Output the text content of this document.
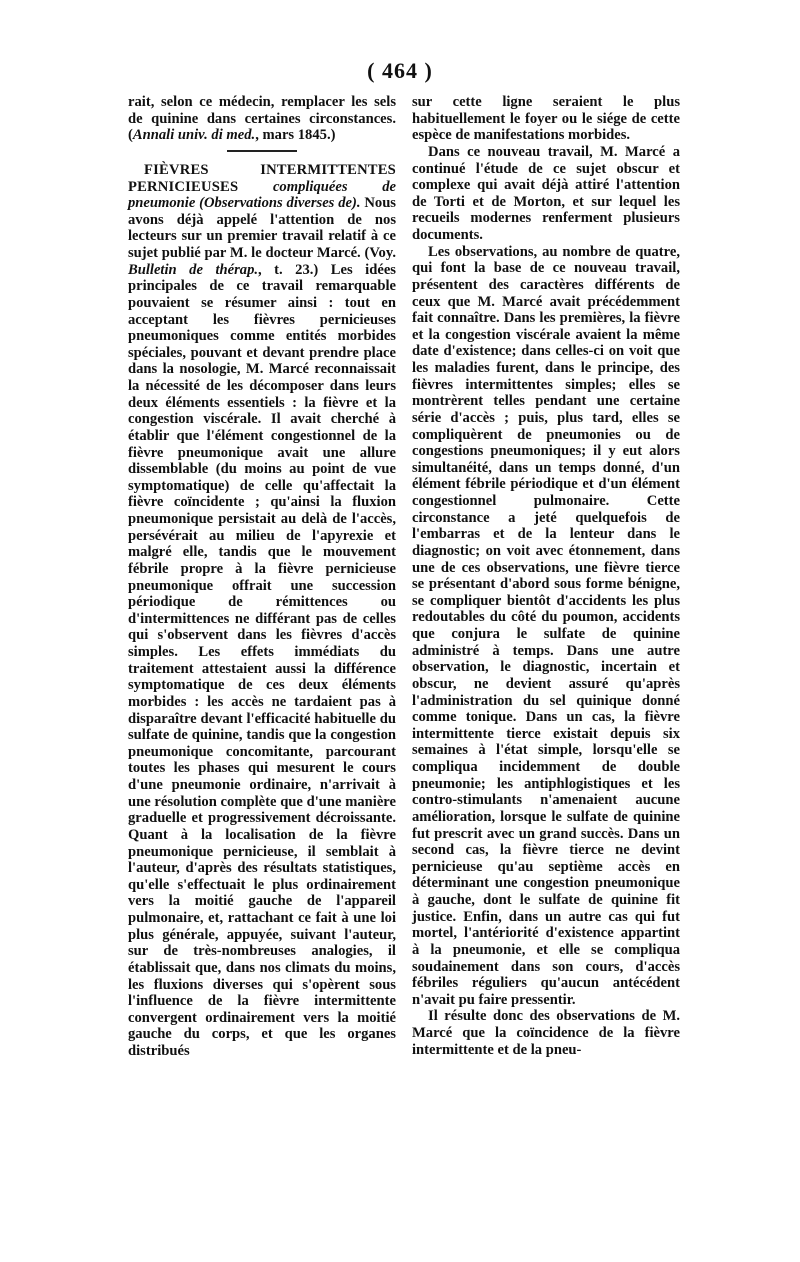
( 464 )

rait, selon ce médecin, remplacer les sels de quinine dans certaines circonstances. (Annali univ. di med., mars 1845.)

FIÈVRES INTERMITTENTES PERNICIEUSES compliquées de pneumonie (Observations diverses de). Nous avons déjà appelé l'attention de nos lecteurs sur un premier travail relatif à ce sujet publié par M. le docteur Marcé. (Voy. Bulletin de thérap., t. 23.) Les idées principales de ce travail remarquable pouvaient se résumer ainsi : tout en acceptant les fièvres pernicieuses pneumoniques comme entités morbides spéciales, pouvant et devant prendre place dans la nosologie, M. Marcé reconnaissait la nécessité de les décomposer dans leurs deux éléments essentiels : la fièvre et la congestion viscérale. Il avait cherché à établir que l'élément congestionnel de la fièvre pneumonique avait une allure dissemblable (du moins au point de vue symptomatique) de celle qu'affectait la fièvre coïncidente ; qu'ainsi la fluxion pneumonique persistait au delà de l'accès, persévérait au milieu de l'apyrexie et malgré elle, tandis que le mouvement fébrile propre à la fièvre pernicieuse pneumonique offrait une succession périodique de rémittences ou d'intermittences ne différant pas de celles qui s'observent dans les fièvres d'accès simples. Les effets immédiats du traitement attestaient aussi la différence symptomatique de ces deux éléments morbides : les accès ne tardaient pas à disparaître devant l'efficacité habituelle du sulfate de quinine, tandis que la congestion pneumonique concomitante, parcourant toutes les phases qui mesurent le cours d'une pneumonie ordinaire, n'arrivait à une résolution complète que d'une manière graduelle et progressivement décroissante. Quant à la localisation de la fièvre pneumonique pernicieuse, il semblait à l'auteur, d'après des résultats statistiques, qu'elle s'effectuait le plus ordinairement vers la moitié gauche de l'appareil pulmonaire, et, rattachant ce fait à une loi plus générale, appuyée, suivant l'auteur, sur de très-nombreuses analogies, il établissait que, dans nos climats du moins, les fluxions diverses qui s'opèrent sous l'influence de la fièvre intermittente convergent ordinairement vers la moitié gauche du corps, et que les organes distribués

sur cette ligne seraient le plus habituellement le foyer ou le siége de cette espèce de manifestations morbides.

Dans ce nouveau travail, M. Marcé a continué l'étude de ce sujet obscur et complexe qui avait déjà attiré l'attention de Torti et de Morton, et sur lequel les recueils modernes renferment plusieurs documents.

Les observations, au nombre de quatre, qui font la base de ce nouveau travail, présentent des caractères différents de ceux que M. Marcé avait précédemment fait connaître. Dans les premières, la fièvre et la congestion viscérale avaient la même date d'existence; dans celles-ci on voit que les maladies furent, dans le principe, des fièvres intermittentes simples; elles se montrèrent telles pendant une certaine série d'accès ; puis, plus tard, elles se compliquèrent de pneumonies ou de congestions pneumoniques; il y eut alors simultanéité, dans un temps donné, d'un élément fébrile périodique et d'un élément congestionnel pulmonaire. Cette circonstance a jeté quelquefois de l'embarras et de la lenteur dans le diagnostic; on voit avec étonnement, dans une de ces observations, une fièvre tierce se présentant d'abord sous forme bénigne, se compliquer bientôt d'accidents les plus redoutables du côté du poumon, accidents que conjura le sulfate de quinine administré à temps. Dans une autre observation, le diagnostic, incertain et obscur, ne devient assuré qu'après l'administration du sel quinique donné comme tonique. Dans un cas, la fièvre intermittente tierce existait depuis six semaines à l'état simple, lorsqu'elle se compliqua incidemment de double pneumonie; les antiphlogistiques et les contro-stimulants n'amenaient aucune amélioration, lorsque le sulfate de quinine fut prescrit avec un grand succès. Dans un second cas, la fièvre tierce ne devint pernicieuse qu'au septième accès en déterminant une congestion pneumonique à gauche, dont le sulfate de quinine fit justice. Enfin, dans un autre cas qui fut mortel, l'antériorité d'existence appartint à la pneumonie, et elle se compliqua soudainement dans son cours, d'accès fébriles réguliers qu'aucun antécédent n'avait pu faire pressentir.

Il résulte donc des observations de M. Marcé que la coïncidence de la fièvre intermittente et de la pneu-
